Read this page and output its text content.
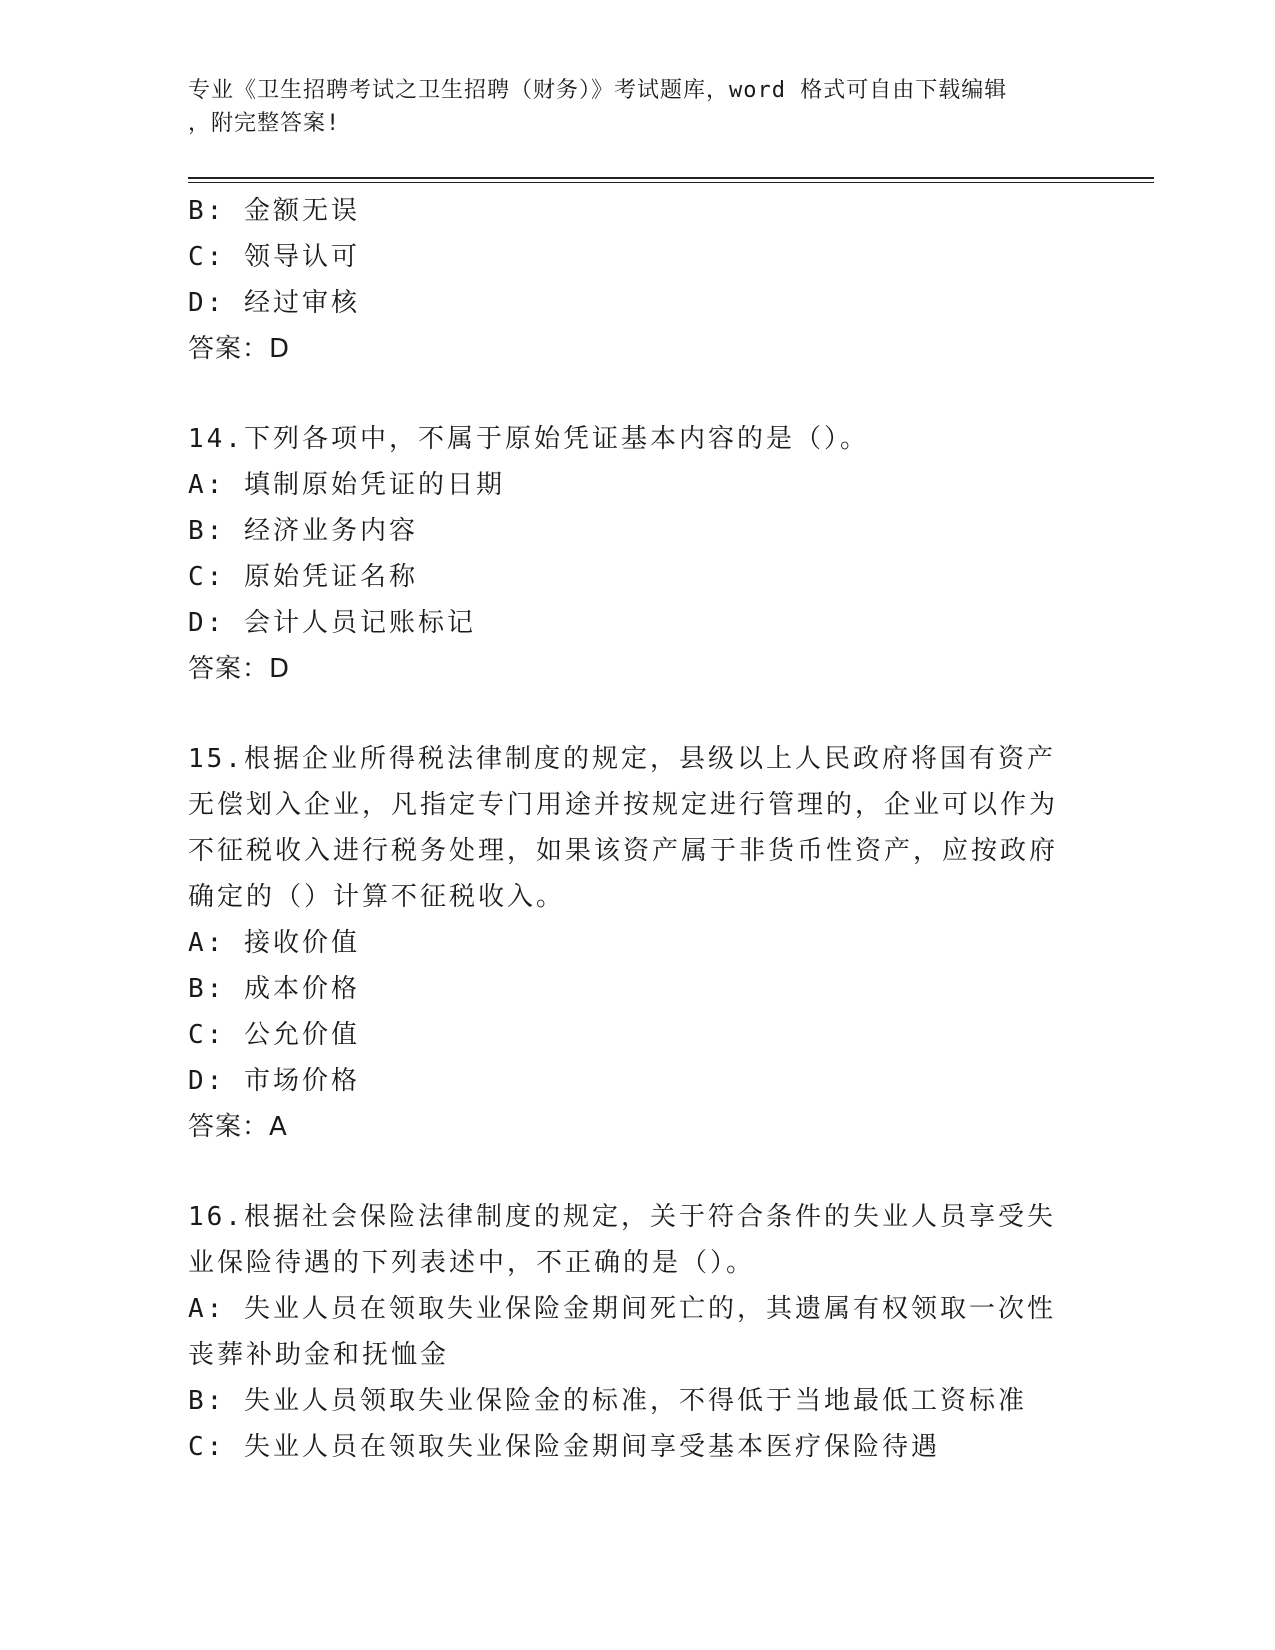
专业《卫生招聘考试之卫生招聘（财务）》考试题库，word 格式可自由下载编辑
，附完整答案!
B: 金额无误
C: 领导认可
D: 经过审核
答案：D
14.下列各项中，不属于原始凭证基本内容的是（）。
A: 填制原始凭证的日期
B: 经济业务内容
C: 原始凭证名称
D: 会计人员记账标记
答案：D
15.根据企业所得税法律制度的规定，县级以上人民政府将国有资产无偿划入企业，凡指定专门用途并按规定进行管理的，企业可以作为不征税收入进行税务处理，如果该资产属于非货币性资产，应按政府确定的（）计算不征税收入。
A: 接收价值
B: 成本价格
C: 公允价值
D: 市场价格
答案：A
16.根据社会保险法律制度的规定，关于符合条件的失业人员享受失业保险待遇的下列表述中，不正确的是（）。
A: 失业人员在领取失业保险金期间死亡的，其遗属有权领取一次性丧葬补助金和抚恤金
B: 失业人员领取失业保险金的标准，不得低于当地最低工资标准
C: 失业人员在领取失业保险金期间享受基本医疗保险待遇
